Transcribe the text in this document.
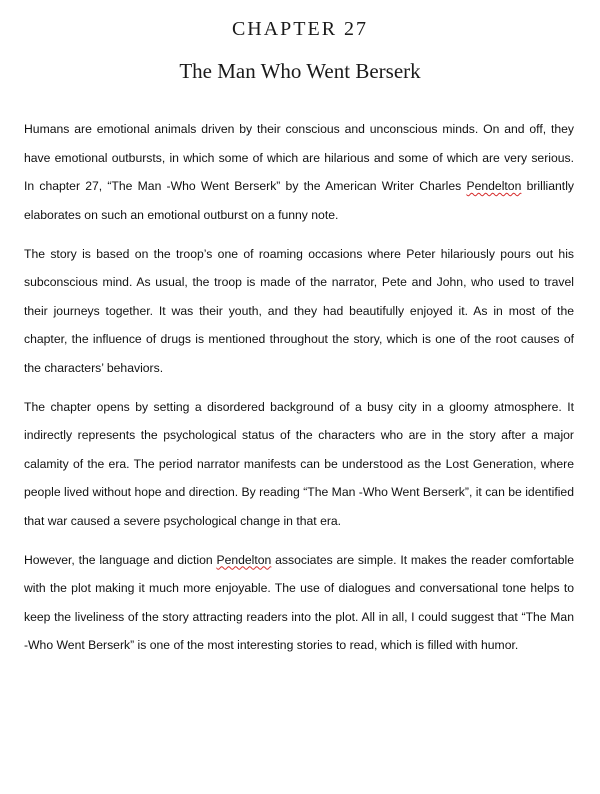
CHAPTER 27
The Man Who Went Berserk

Humans are emotional animals driven by their conscious and unconscious minds. On and off, they have emotional outbursts, in which some of which are hilarious and some of which are very serious. In chapter 27, “The Man -Who Went Berserk” by the American Writer Charles Pendelton brilliantly elaborates on such an emotional outburst on a funny note.

The story is based on the troop’s one of roaming occasions where Peter hilariously pours out his subconscious mind. As usual, the troop is made of the narrator, Pete and John, who used to travel their journeys together. It was their youth, and they had beautifully enjoyed it. As in most of the chapter, the influence of drugs is mentioned throughout the story, which is one of the root causes of the characters’ behaviors.

The chapter opens by setting a disordered background of a busy city in a gloomy atmosphere. It indirectly represents the psychological status of the characters who are in the story after a major calamity of the era. The period narrator manifests can be understood as the Lost Generation, where people lived without hope and direction. By reading “The Man -Who Went Berserk”, it can be identified that war caused a severe psychological change in that era.

However, the language and diction Pendelton associates are simple. It makes the reader comfortable with the plot making it much more enjoyable. The use of dialogues and conversational tone helps to keep the liveliness of the story attracting readers into the plot. All in all, I could suggest that “The Man -Who Went Berserk” is one of the most interesting stories to read, which is filled with humor.
